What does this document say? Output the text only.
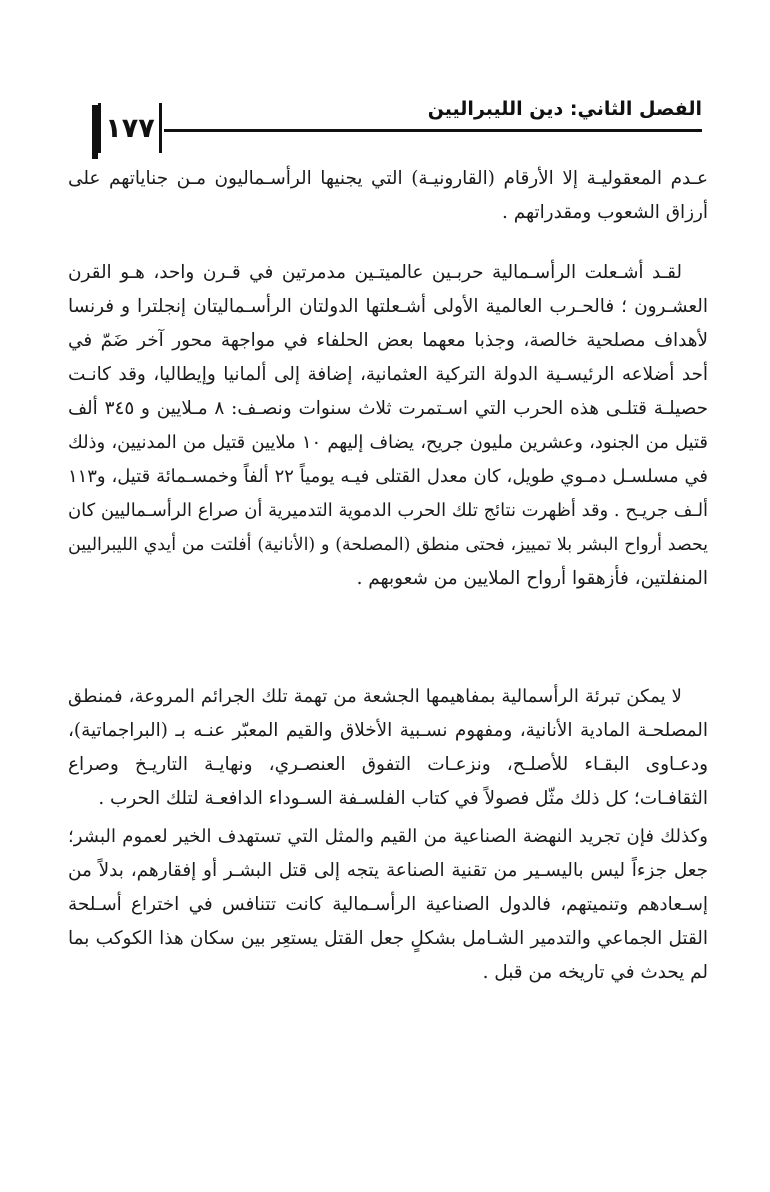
الفصل الثاني: دين الليبراليين
١٧٧
عـدم المعقوليـة إلا الأرقام (القارونيـة) التي يجنيها الرأسـماليون مـن جناياتهم على
أرزاق الشعوب ومقدراتهم .
لقـد أشـعلت الرأسـمالية حربـين عالميتـين مدمرتين في قـرن واحد، هـو القرن
العشـرون ؛ فالحـرب العالمية الأولى أشـعلتها الدولتان الرأسـماليتان إنجلترا و فرنسا
لأهداف مصلحية خالصة، وجذبا معهما بعض الحلفاء في مواجهة محور آخر ضَمّ في
أحد أضلاعه الرئيسـية الدولة التركية العثمانية، إضافة إلى ألمانيا وإيطاليا، وقد كانـت
حصيلـة قتلـى هذه الحرب التي اسـتمرت ثلاث سنوات ونصـف: ٨ مـلايين و ٣٤٥ ألف
قتيل من الجنود، وعشرين مليون جريح، يضاف إليهم ١٠ ملايين قتيل من المدنيين، وذلك
في مسلسـل دمـوي طويل، كان معدل القتلى فيـه يومياً ٢٢ ألفاً وخمسـمائة قتيل، و١١٣
ألـف جريـح . وقد أظهرت نتائج تلك الحرب الدموية التدميرية أن صراع الرأسـماليين كان
يحصد أرواح البشر بلا تمييز، فحتى منطق (المصلحة) و (الأنانية) أفلتت من أيدي الليبراليين
المنفلتين، فأزهقوا أرواح الملايين من شعوبهم .
لا يمكن تبرئة الرأسمالية بمفاهيمها الجشعة من تهمة تلك الجرائم المروعة، فمنطق
المصلحـة المادية الأنانية، ومفهوم نسـبية الأخلاق والقيم المعبّر عنـه بـ (البراجماتية)،
ودعـاوى البقـاء للأصلـح، ونزعـات التفوق العنصـري، ونهايـة التاريـخ وصراع
الثقافـات؛ كل ذلك مثّل فصولاً في كتاب الفلسـفة السـوداء الدافعـة لتلك الحرب .
وكذلك فإن تجريد النهضة الصناعية من القيم والمثل التي تستهدف الخير لعموم البشر؛
جعل جزءاً ليس باليسـير من تقنية الصناعة يتجه إلى قتل البشـر أو إفقارهم، بدلاً من
إسـعادهم وتنميتهم، فالدول الصناعية الرأسـمالية كانت تتنافس في اختراع أسـلحة
القتل الجماعي والتدمير الشـامل بشكلٍ جعل القتل يستعِر بين سكان هذا الكوكب بما
لم يحدث في تاريخه من قبل .
